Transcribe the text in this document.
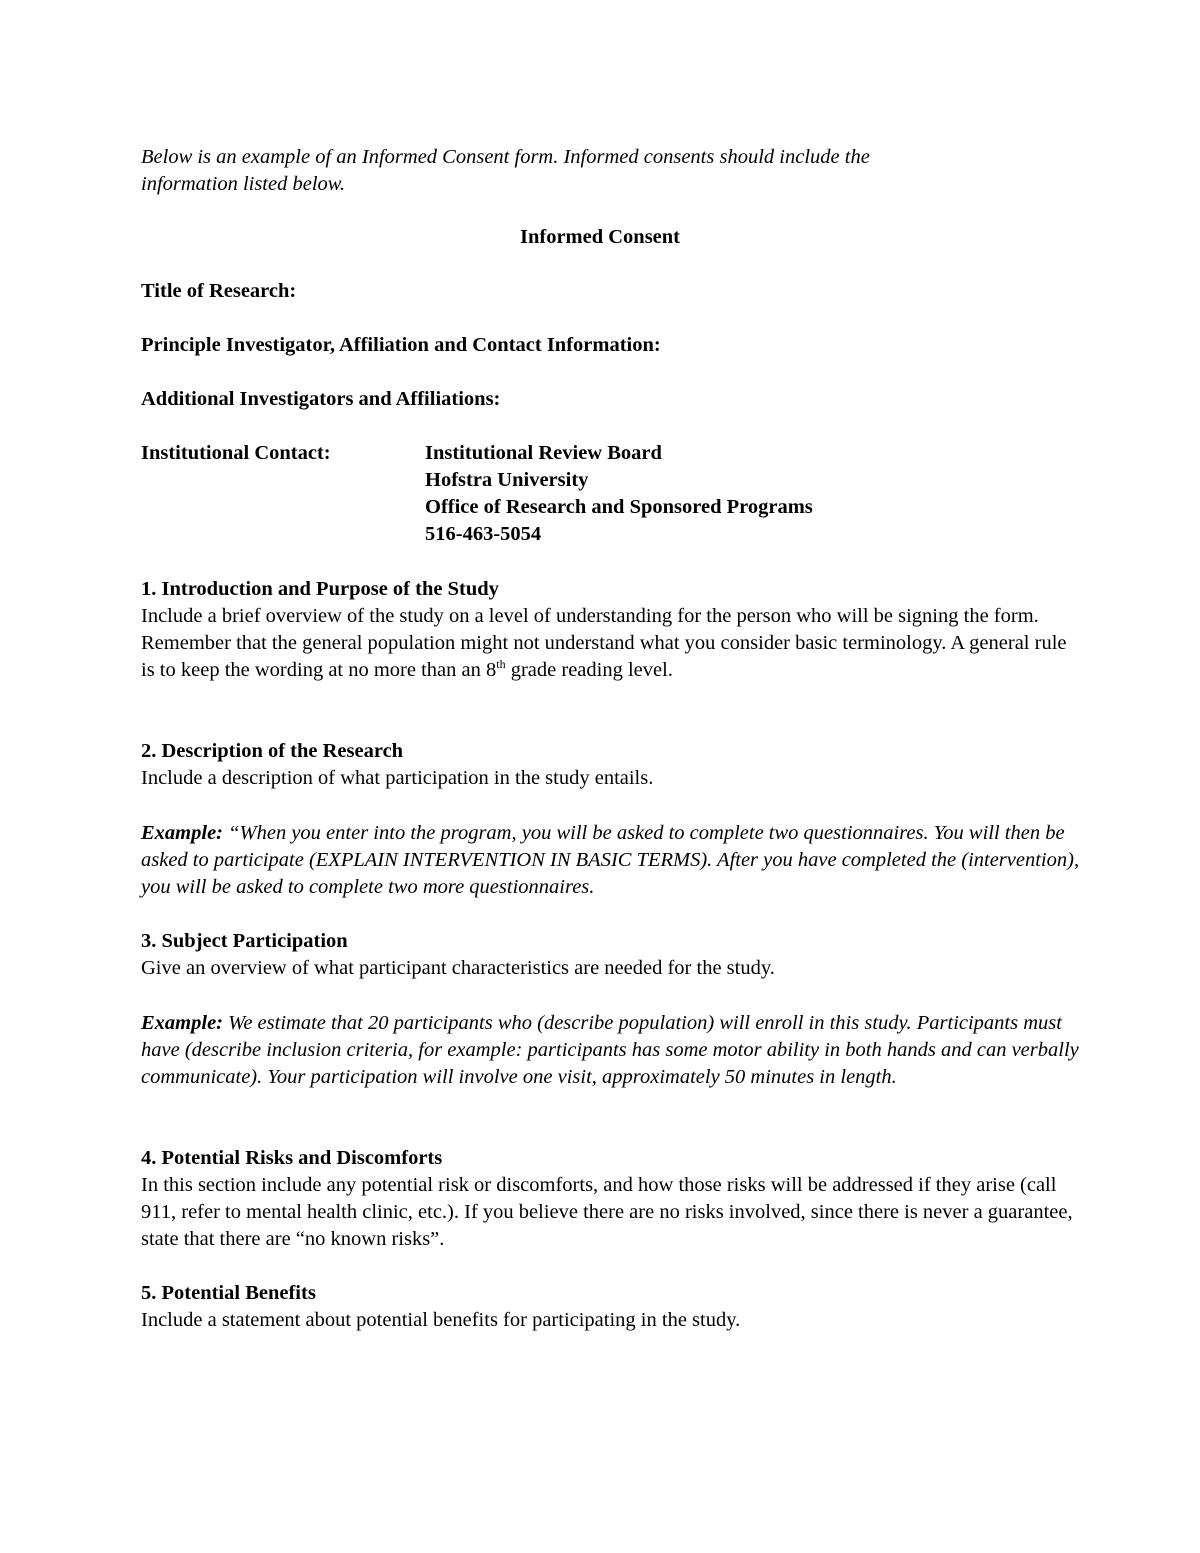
Below is an example of an Informed Consent form. Informed consents should include the
information listed below.

Informed Consent

Title of Research:

Principle Investigator, Affiliation and Contact Information:

Additional Investigators and Affiliations:

Institutional Contact:	Institutional Review Board
Hofstra University
Office of Research and Sponsored Programs
516-463-5054

1. Introduction and Purpose of the Study
Include a brief overview of the study on a level of understanding for the person who will be signing the form. Remember that the general population might not understand what you consider basic terminology. A general rule is to keep the wording at no more than an 8th grade reading level.
2. Description of the Research
Include a description of what participation in the study entails.
Example: “When you enter into the program, you will be asked to complete two questionnaires. You will then be asked to participate (EXPLAIN INTERVENTION IN BASIC TERMS). After you have completed the (intervention), you will be asked to complete two more questionnaires.
3. Subject Participation
Give an overview of what participant characteristics are needed for the study.
Example: We estimate that 20 participants who (describe population) will enroll in this study. Participants must have (describe inclusion criteria, for example: participants has some motor ability in both hands and can verbally communicate). Your participation will involve one visit, approximately 50 minutes in length.
4. Potential Risks and Discomforts
In this section include any potential risk or discomforts, and how those risks will be addressed if they arise (call 911, refer to mental health clinic, etc.). If you believe there are no risks involved, since there is never a guarantee, state that there are “no known risks”.
5. Potential Benefits
Include a statement about potential benefits for participating in the study.
